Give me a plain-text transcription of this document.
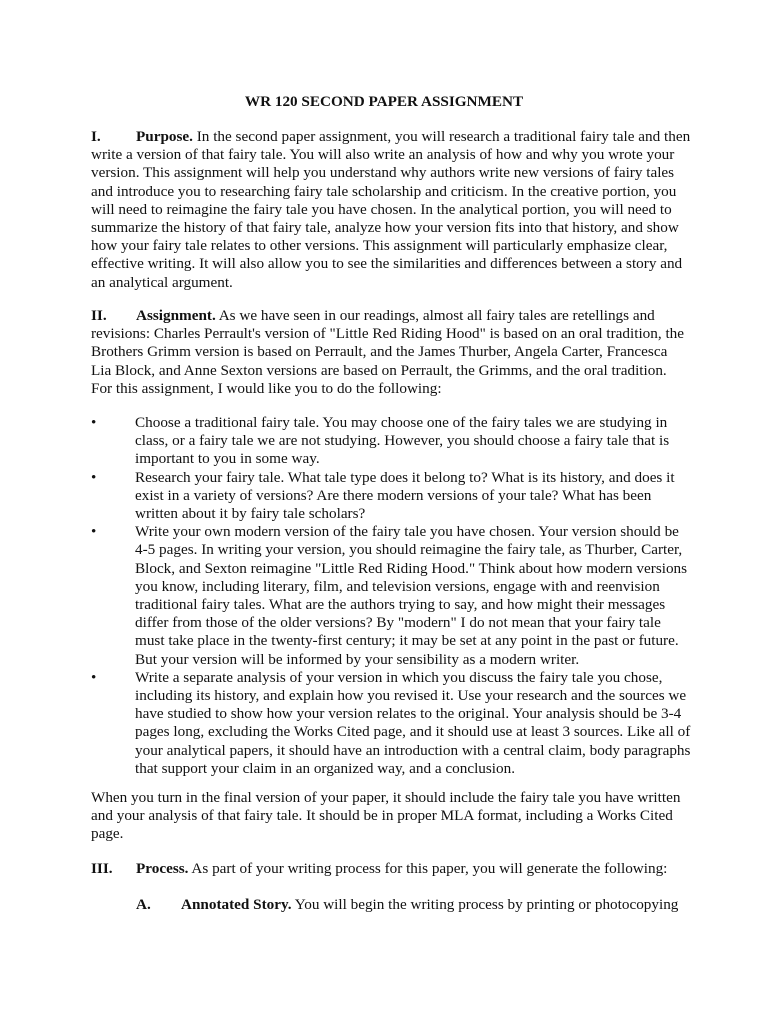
WR 120 SECOND PAPER ASSIGNMENT
I. Purpose. In the second paper assignment, you will research a traditional fairy tale and then write a version of that fairy tale. You will also write an analysis of how and why you wrote your version. This assignment will help you understand why authors write new versions of fairy tales and introduce you to researching fairy tale scholarship and criticism. In the creative portion, you will need to reimagine the fairy tale you have chosen. In the analytical portion, you will need to summarize the history of that fairy tale, analyze how your version fits into that history, and show how your fairy tale relates to other versions. This assignment will particularly emphasize clear, effective writing. It will also allow you to see the similarities and differences between a story and an analytical argument.
II. Assignment. As we have seen in our readings, almost all fairy tales are retellings and revisions: Charles Perrault's version of "Little Red Riding Hood" is based on an oral tradition, the Brothers Grimm version is based on Perrault, and the James Thurber, Angela Carter, Francesca Lia Block, and Anne Sexton versions are based on Perrault, the Grimms, and the oral tradition. For this assignment, I would like you to do the following:
•	Choose a traditional fairy tale. You may choose one of the fairy tales we are studying in class, or a fairy tale we are not studying. However, you should choose a fairy tale that is important to you in some way.
•	Research your fairy tale. What tale type does it belong to? What is its history, and does it exist in a variety of versions? Are there modern versions of your tale? What has been written about it by fairy tale scholars?
•	Write your own modern version of the fairy tale you have chosen. Your version should be 4-5 pages. In writing your version, you should reimagine the fairy tale, as Thurber, Carter, Block, and Sexton reimagine "Little Red Riding Hood." Think about how modern versions you know, including literary, film, and television versions, engage with and reenvision traditional fairy tales. What are the authors trying to say, and how might their messages differ from those of the older versions? By "modern" I do not mean that your fairy tale must take place in the twenty-first century; it may be set at any point in the past or future. But your version will be informed by your sensibility as a modern writer.
•	Write a separate analysis of your version in which you discuss the fairy tale you chose, including its history, and explain how you revised it. Use your research and the sources we have studied to show how your version relates to the original. Your analysis should be 3-4 pages long, excluding the Works Cited page, and it should use at least 3 sources. Like all of your analytical papers, it should have an introduction with a central claim, body paragraphs that support your claim in an organized way, and a conclusion.
When you turn in the final version of your paper, it should include the fairy tale you have written and your analysis of that fairy tale. It should be in proper MLA format, including a Works Cited page.
III. Process. As part of your writing process for this paper, you will generate the following:
A. Annotated Story. You will begin the writing process by printing or photocopying
